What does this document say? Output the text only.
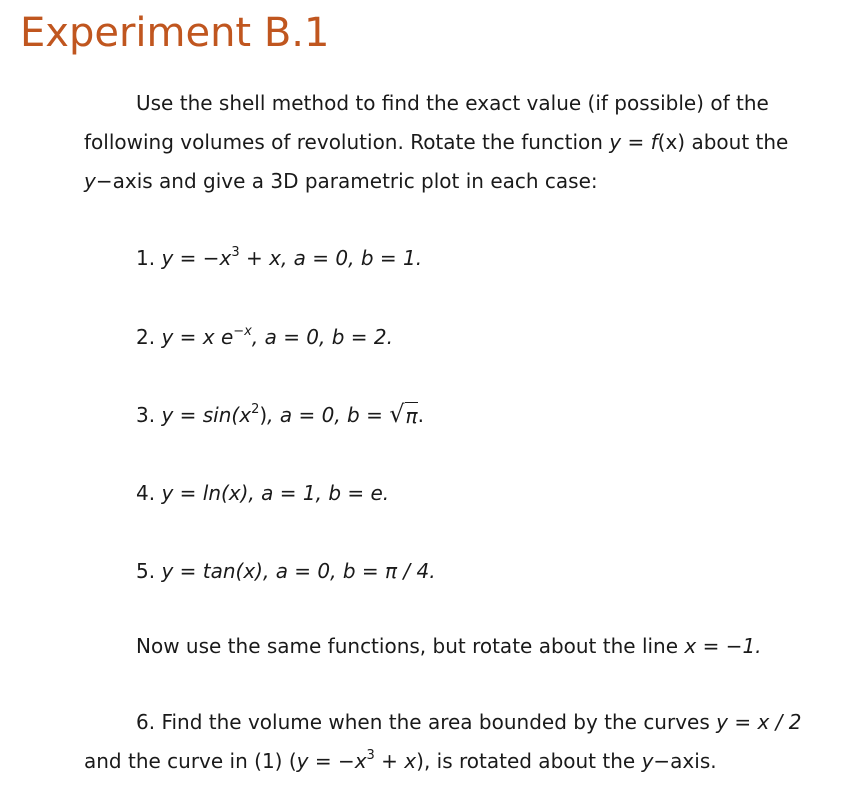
Experiment B.1

Use the shell method to find the exact value (if possible) of the following volumes of revolution. Rotate the function y = f(x) about the y−axis and give a 3D parametric plot in each case:

1. $y = -x^3 + x$, a = 0, b = 1.

2. y = x $e^{-x}$, a = 0, b = 2.

3. $y = \sin(x^2)$, a = 0, b = √ π .

4. y = ln(x), a = 1, b = e.

5. y = tan(x), a = 0, b = π / 4.

Now use the same functions, but rotate about the line x = −1.

6. Find the volume when the area bounded by the curves y = x / 2 and the curve in (1) $(y = -x^3 + x)$, is rotated about the y−axis.
